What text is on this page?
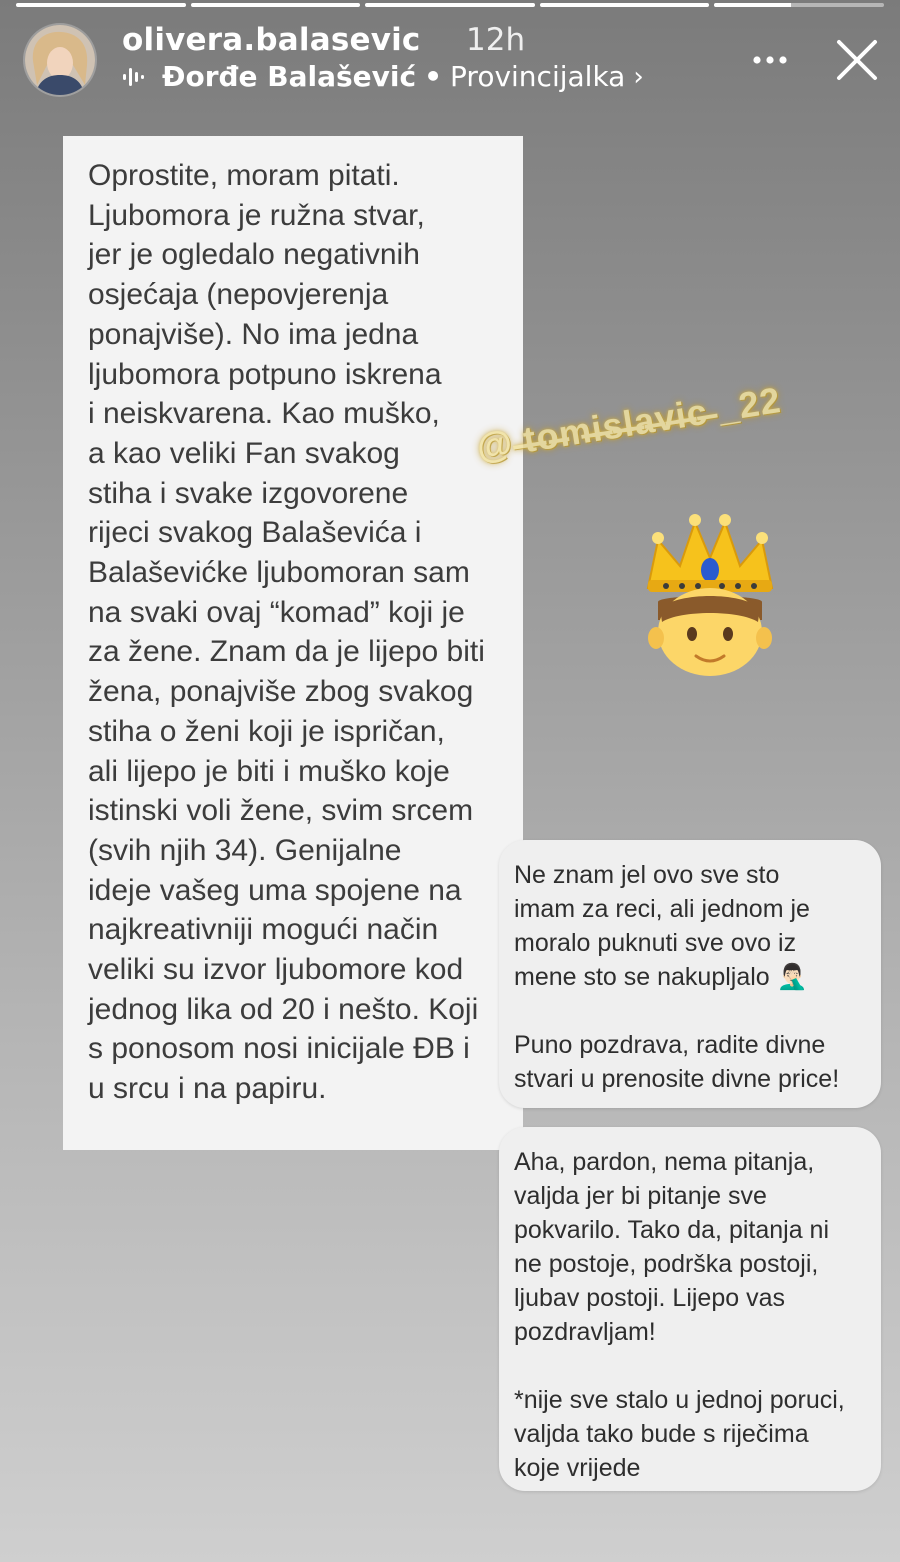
olivera.balasevic 12h
Đorđe Balašević • Provincijalka ›
Oprostite, moram pitati.
Ljubomora je ružna stvar,
jer je ogledalo negativnih
osjećaja (nepovjerenja
ponajviše). No ima jedna
ljubomora potpuno iskrena
i neiskvarena. Kao muško,
a kao veliki Fan svakog
stiha i svake izgovorene
rijeci svakog Balaševića i
Balaševićke ljubomoran sam
na svaki ovaj “komad” koji je
za žene. Znam da je lijepo biti
žena, ponajviše zbog svakog
stiha o ženi koji je ispričan,
ali lijepo je biti i muško koje
istinski voli žene, svim srcem
(svih njih 34). Genijalne
ideje vašeg uma spojene na
najkreativniji mogući način
veliki su izvor ljubomore kod
jednog lika od 20 i nešto. Koji
s ponosom nosi inicijale ĐB i
u srcu i na papiru.
@ ̶t̶o̶m̶i̶s̶l̶a̶v̶i̶c̶ _22
Ne znam jel ovo sve sto
imam za reci, ali jednom je
moralo puknuti sve ovo iz
mene sto se nakupljalo 🤦🏻‍♂️
Puno pozdrava, radite divne
stvari u prenosite divne price!
Aha, pardon, nema pitanja,
valjda jer bi pitanje sve
pokvarilo. Tako da, pitanja ni
ne postoje, podrška postoji,
ljubav postoji. Lijepo vas
pozdravljam!
*nije sve stalo u jednoj poruci,
valjda tako bude s riječima
koje vrijede
